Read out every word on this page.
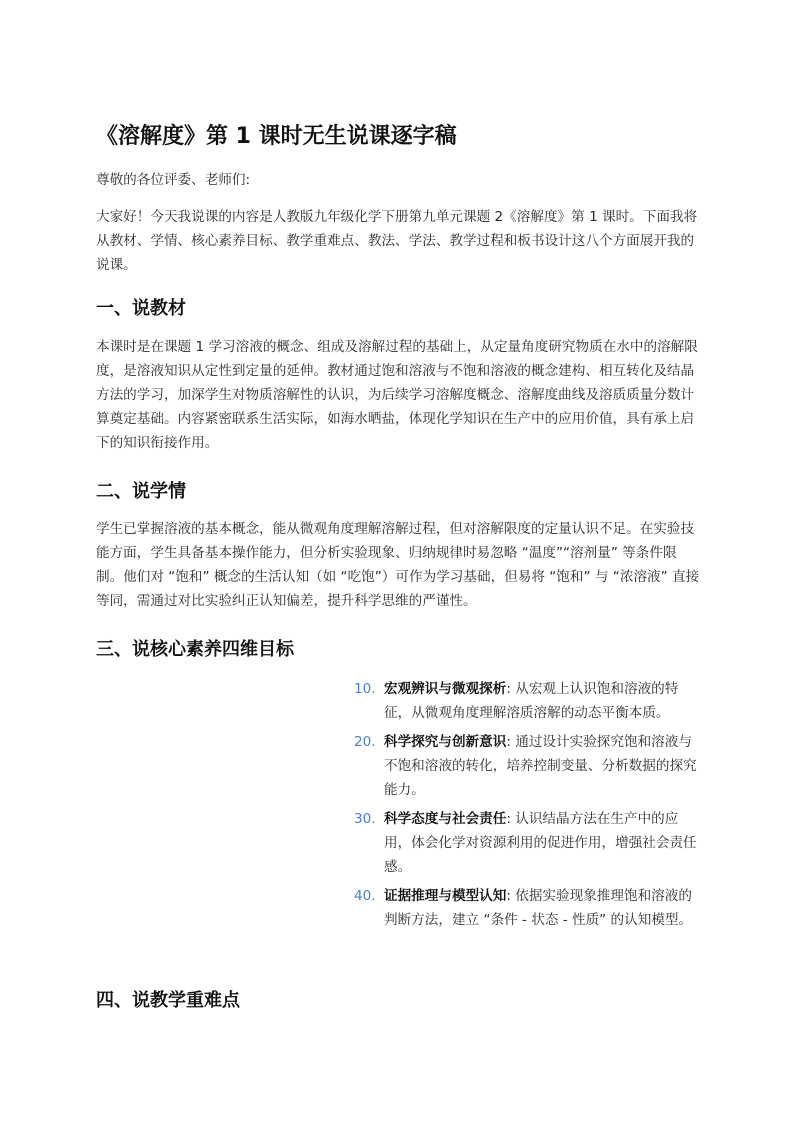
《溶解度》第 1 课时无生说课逐字稿
尊敬的各位评委、老师们:
大家好！今天我说课的内容是人教版九年级化学下册第九单元课题 2《溶解度》第 1 课时。下面我将从教材、学情、核心素养目标、教学重难点、教法、学法、教学过程和板书设计这八个方面展开我的说课。
一、说教材
本课时是在课题 1 学习溶液的概念、组成及溶解过程的基础上，从定量角度研究物质在水中的溶解限度，是溶液知识从定性到定量的延伸。教材通过饱和溶液与不饱和溶液的概念建构、相互转化及结晶方法的学习，加深学生对物质溶解性的认识，为后续学习溶解度概念、溶解度曲线及溶质质量分数计算奠定基础。内容紧密联系生活实际，如海水晒盐，体现化学知识在生产中的应用价值，具有承上启下的知识衔接作用。
二、说学情
学生已掌握溶液的基本概念，能从微观角度理解溶解过程，但对溶解限度的定量认识不足。在实验技能方面，学生具备基本操作能力，但分析实验现象、归纳规律时易忽略 “温度”“溶剂量” 等条件限制。他们对 “饱和” 概念的生活认知（如 “吃饱”）可作为学习基础，但易将 “饱和” 与 “浓溶液” 直接等同，需通过对比实验纠正认知偏差，提升科学思维的严谨性。
三、说核心素养四维目标
10. 宏观辨识与微观探析: 从宏观上认识饱和溶液的特征，从微观角度理解溶质溶解的动态平衡本质。
20. 科学探究与创新意识: 通过设计实验探究饱和溶液与不饱和溶液的转化，培养控制变量、分析数据的探究能力。
30. 科学态度与社会责任: 认识结晶方法在生产中的应用，体会化学对资源利用的促进作用，增强社会责任感。
40. 证据推理与模型认知: 依据实验现象推理饱和溶液的判断方法，建立 “条件 - 状态 - 性质” 的认知模型。
四、说教学重难点
